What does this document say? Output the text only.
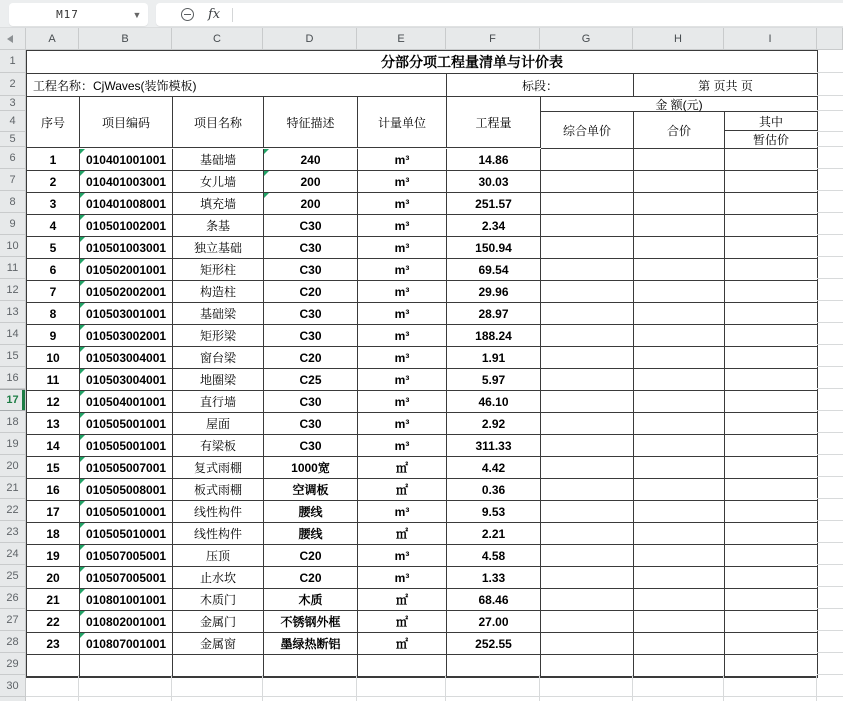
M17	▼	fx
A	B	C	D	E	F	G	H	I
1
2
3
4
5
6
7
8
9
10
11
12
13
14
15
16
17
18
19
20
21
22
23
24
25
26
27
28
29
30
分部分项工程量清单与计价表
工程名称：CjWaves(装饰模板)	标段：	第 页共 页
序号	项目编码	项目名称	特征描述	计量单位	工程量
金 额(元)
综合单价	合价
其中
暂估价
1	010401001001	基础墙	240	m³	14.86
2	010401003001	女儿墙	200	m³	30.03
3	010401008001	填充墙	200	m³	251.57
4	010501002001	条基	C30	m³	2.34
5	010501003001	独立基础	C30	m³	150.94
6	010502001001	矩形柱	C30	m³	69.54
7	010502002001	构造柱	C20	m³	29.96
8	010503001001	基础梁	C30	m³	28.97
9	010503002001	矩形梁	C30	m³	188.24
10	010503004001	窗台梁	C20	m³	1.91
11	010503004001	地圈梁	C25	m³	5.97
12	010504001001	直行墙	C30	m³	46.10
13	010505001001	屋面	C30	m³	2.92
14	010505001001	有梁板	C30	m³	311.33
15	010505007001	复式雨棚	1000宽	㎡	4.42
16	010505008001	板式雨棚	空调板	㎡	0.36
17	010505010001	线性构件	腰线	m³	9.53
18	010505010001	线性构件	腰线	㎡	2.21
19	010507005001	压顶	C20	m³	4.58
20	010507005001	止水坎	C20	m³	1.33
21	010801001001	木质门	木质	㎡	68.46
22	010802001001	金属门	不锈钢外框	㎡	27.00
23	010807001001	金属窗	墨绿热断铝	㎡	252.55
